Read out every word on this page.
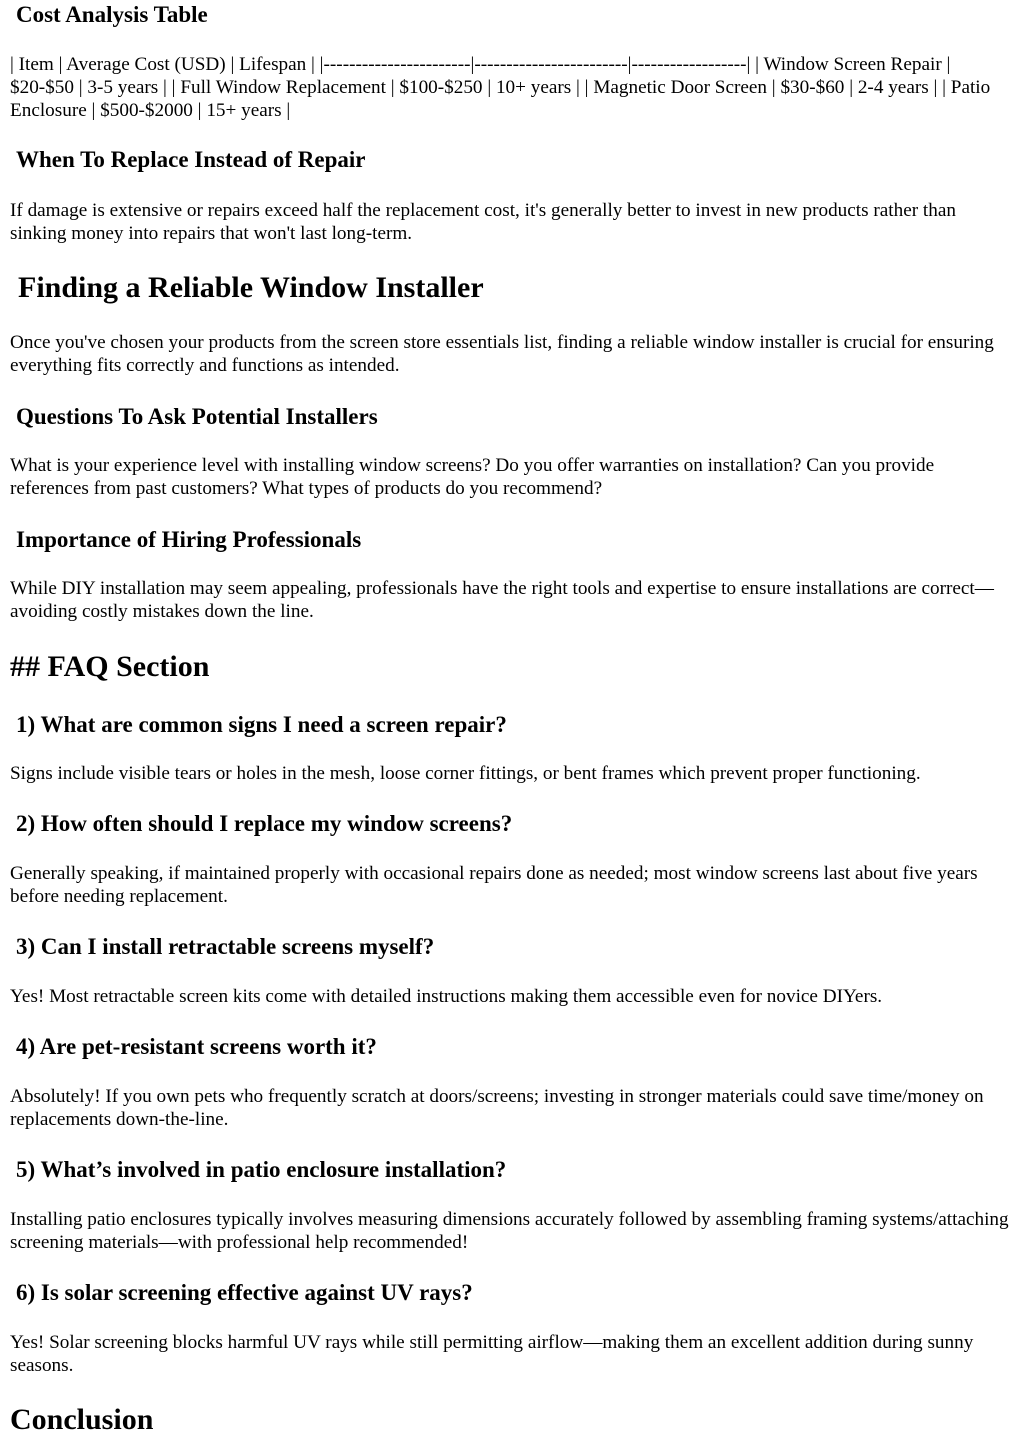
Cost Analysis Table

| Item | Average Cost (USD) | Lifespan | |-----------------------|------------------------|------------------| | Window Screen Repair | $20-$50 | 3-5 years | | Full Window Replacement | $100-$250 | 10+ years | | Magnetic Door Screen | $30-$60 | 2-4 years | | Patio Enclosure | $500-$2000 | 15+ years |

When To Replace Instead of Repair

If damage is extensive or repairs exceed half the replacement cost, it's generally better to invest in new products rather than sinking money into repairs that won't last long-term.

Finding a Reliable Window Installer

Once you've chosen your products from the screen store essentials list, finding a reliable window installer is crucial for ensuring everything fits correctly and functions as intended.

Questions To Ask Potential Installers

What is your experience level with installing window screens? Do you offer warranties on installation? Can you provide references from past customers? What types of products do you recommend?

Importance of Hiring Professionals

While DIY installation may seem appealing, professionals have the right tools and expertise to ensure installations are correct—avoiding costly mistakes down the line.

## FAQ Section
1) What are common signs I need a screen repair?

Signs include visible tears or holes in the mesh, loose corner fittings, or bent frames which prevent proper functioning.

2) How often should I replace my window screens?

Generally speaking, if maintained properly with occasional repairs done as needed; most window screens last about five years before needing replacement.

3) Can I install retractable screens myself?

Yes! Most retractable screen kits come with detailed instructions making them accessible even for novice DIYers.

4) Are pet-resistant screens worth it?

Absolutely! If you own pets who frequently scratch at doors/screens; investing in stronger materials could save time/money on replacements down-the-line.

5) What’s involved in patio enclosure installation?

Installing patio enclosures typically involves measuring dimensions accurately followed by assembling framing systems/attaching screening materials—with professional help recommended!

6) Is solar screening effective against UV rays?

Yes! Solar screening blocks harmful UV rays while still permitting airflow—making them an excellent addition during sunny seasons.

Conclusion
